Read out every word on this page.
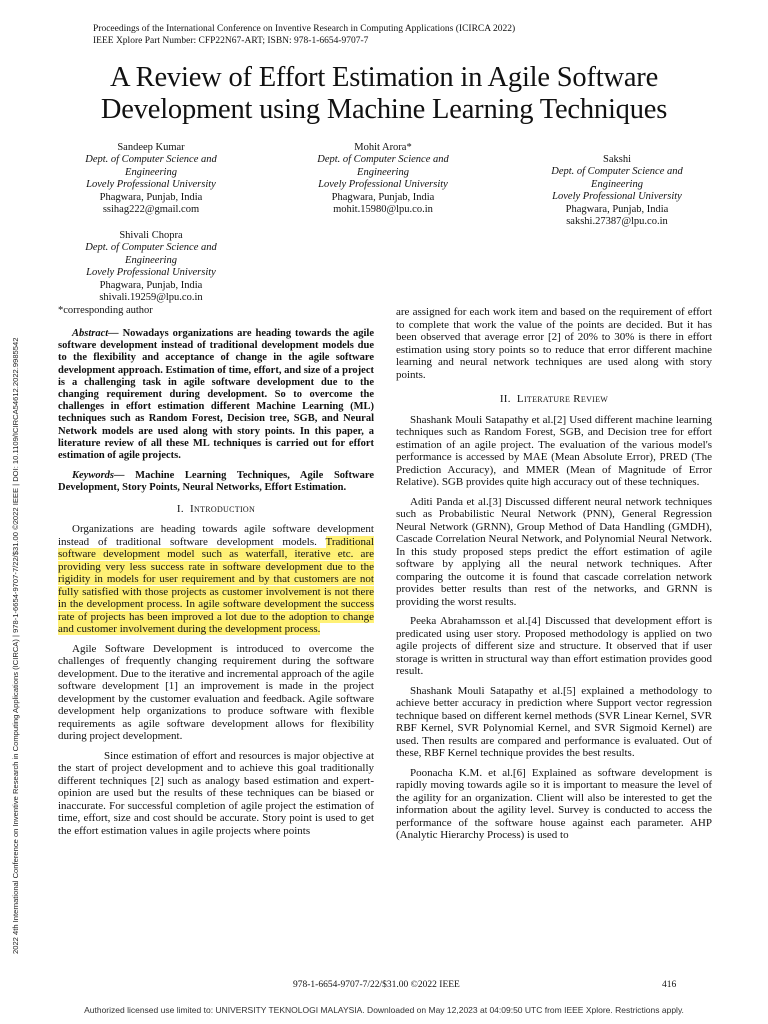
Proceedings of the International Conference on Inventive Research in Computing Applications (ICIRCA 2022)
IEEE Xplore Part Number: CFP22N67-ART; ISBN: 978-1-6654-9707-7
A Review of Effort Estimation in Agile Software
Development using Machine Learning Techniques
Sandeep Kumar
Dept. of Computer Science and
Engineering
Lovely Professional University
Phagwara, Punjab, India
ssihag222@gmail.com
Mohit Arora*
Dept. of Computer Science and
Engineering
Lovely Professional University
Phagwara, Punjab, India
mohit.15980@lpu.co.in
Sakshi
Dept. of Computer Science and
Engineering
Lovely Professional University
Phagwara, Punjab, India
sakshi.27387@lpu.co.in
Shivali Chopra
Dept. of Computer Science and
Engineering
Lovely Professional University
Phagwara, Punjab, India
shivali.19259@lpu.co.in
*corresponding author
2022 4th International Conference on Inventive Research in Computing Applications (ICIRCA) | 978-1-6654-9707-7/22/$31.00 ©2022 IEEE | DOI: 10.1109/ICIRCA54612.2022.9985542
Abstract— Nowadays organizations are heading towards the agile software development instead of traditional development models due to the flexibility and acceptance of change in the agile software development approach. Estimation of time, effort, and size of a project is a challenging task in agile software development due to the changing requirement during development. So to overcome the challenges in effort estimation different Machine Learning (ML) techniques such as Random Forest, Decision tree, SGB, and Neural Network models are used along with story points. In this paper, a literature review of all these ML techniques is carried out for effort estimation of agile projects.
Keywords— Machine Learning Techniques, Agile Software Development, Story Points, Neural Networks, Effort Estimation.
I. Introduction

Organizations are heading towards agile software development instead of traditional software development models. Traditional software development model such as waterfall, iterative etc. are providing very less success rate in software development due to the rigidity in models for user requirement and by that customers are not fully satisfied with those projects as customer involvement is not there in the development process. In agile software development the success rate of projects has been improved a lot due to the adoption to change and customer involvement during the development process.

Agile Software Development is introduced to overcome the challenges of frequently changing requirement during the software development. Due to the iterative and incremental approach of the agile software development [1] an improvement is made in the project development by the customer evaluation and feedback. Agile software development help organizations to produce software with flexible requirements as agile software development allows for flexibility during project development.

Since estimation of effort and resources is major objective at the start of project development and to achieve this goal traditionally different techniques [2] such as analogy based estimation and expert-opinion are used but the results of these techniques can be biased or inaccurate. For successful completion of agile project the estimation of time, effort, size and cost should be accurate. Story point is used to get the effort estimation values in agile projects where points

are assigned for each work item and based on the requirement of effort to complete that work the value of the points are decided. But it has been observed that average error [2] of 20% to 30% is there in effort estimation using story points so to reduce that error different machine learning and neural network techniques are used along with story points.

II. Literature Review

Shashank Mouli Satapathy et al.[2] Used different machine learning techniques such as Random Forest, SGB, and Decision tree for effort estimation of an agile project. The evaluation of the various model's performance is accessed by MAE (Mean Absolute Error), PRED (The Prediction Accuracy), and MMER (Mean of Magnitude of Error Relative). SGB provides quite high accuracy out of these techniques.

Aditi Panda et al.[3] Discussed different neural network techniques such as Probabilistic Neural Network (PNN), General Regression Neural Network (GRNN), Group Method of Data Handling (GMDH), Cascade Correlation Neural Network, and Polynomial Neural Network. In this study proposed steps predict the effort estimation of agile software by applying all the neural network techniques. After comparing the outcome it is found that cascade correlation network provides better results than rest of the networks, and GRNN is providing the worst results.

Peeka Abrahamsson et al.[4] Discussed that development effort is predicated using user story. Proposed methodology is applied on two agile projects of different size and structure. It observed that if user storage is written in structural way than effort estimation provides good result.

Shashank Mouli Satapathy et al.[5] explained a methodology to achieve better accuracy in prediction where Support vector regression technique based on different kernel methods (SVR Linear Kernel, SVR RBF Kernel, SVR Polynomial Kernel, and SVR Sigmoid Kernel) are used. Then results are compared and performance is evaluated. Out of these, RBF Kernel technique provides the best results.

Poonacha K.M. et al.[6] Explained as software development is rapidly moving towards agile so it is important to measure the level of the agility for an organization. Client will also be interested to get the information about the agility level. Survey is conducted to access the performance of the software house against each parameter. AHP (Analytic Hierarchy Process) is used to

978-1-6654-9707-7/22/$31.00 ©2022 IEEE	416
Authorized licensed use limited to: UNIVERSITY TEKNOLOGI MALAYSIA. Downloaded on May 12,2023 at 04:09:50 UTC from IEEE Xplore. Restrictions apply.
